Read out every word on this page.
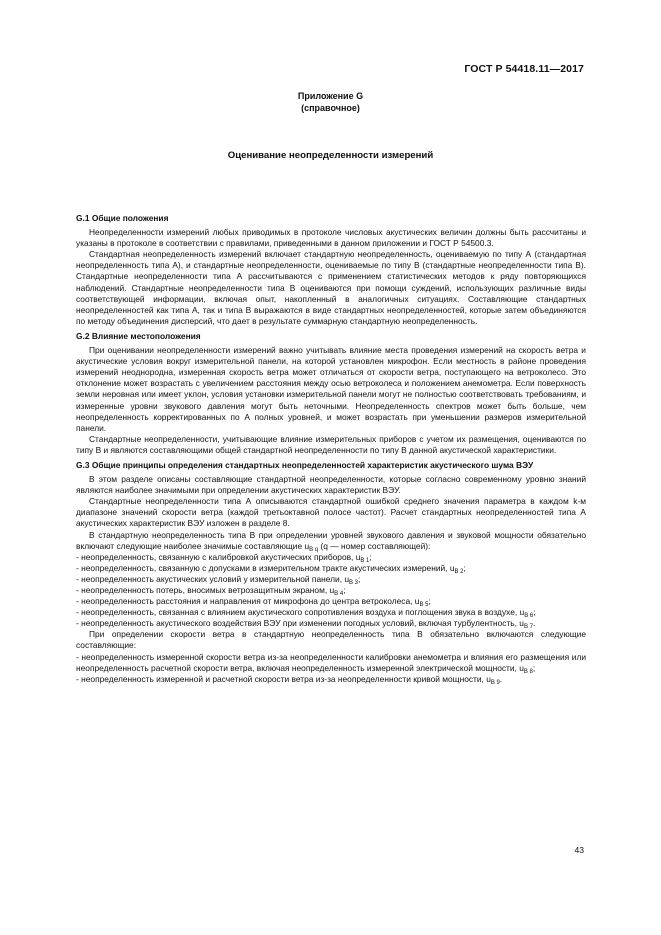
ГОСТ Р 54418.11—2017
Приложение G
(справочное)
Оценивание неопределенности измерений
G.1 Общие положения

Неопределенности измерений любых приводимых в протоколе числовых акустических величин должны быть рассчитаны и указаны в протоколе в соответствии с правилами, приведенными в данном приложении и ГОСТ Р 54500.3.

Стандартная неопределенность измерений включает стандартную неопределенность, оцениваемую по типу А (стандартная неопределенность типа А), и стандартные неопределенности, оцениваемые по типу В (стандартные неопределенности типа В). Стандартные неопределенности типа А рассчитываются с применением статистических методов к ряду повторяющихся наблюдений. Стандартные неопределенности типа В оцениваются при помощи суждений, использующих различные виды соответствующей информации, включая опыт, накопленный в аналогичных ситуациях. Составляющие стандартных неопределенностей как типа А, так и типа В выражаются в виде стандартных неопределенностей, которые затем объединяются по методу объединения дисперсий, что дает в результате суммарную стандартную неопределенность.

G.2 Влияние местоположения

При оценивании неопределенности измерений важно учитывать влияние места проведения измерений на скорость ветра и акустические условия вокруг измерительной панели, на которой установлен микрофон. Если местность в районе проведения измерений неоднородна, измеренная скорость ветра может отличаться от скорости ветра, поступающего на ветроколесо. Это отклонение может возрастать с увеличением расстояния между осью ветроколеса и положением анемометра. Если поверхность земли неровная или имеет уклон, условия установки измерительной панели могут не полностью соответствовать требованиям, и измеренные уровни звукового давления могут быть неточными. Неопределенность спектров может быть больше, чем неопределенность корректированных по А полных уровней, и может возрастать при уменьшении размеров измерительной панели.

Стандартные неопределенности, учитывающие влияние измерительных приборов с учетом их размещения, оцениваются по типу В и являются составляющими общей стандартной неопределенности по типу В данной акустической характеристики.

G.3 Общие принципы определения стандартных неопределенностей характеристик акустического шума ВЭУ

В этом разделе описаны составляющие стандартной неопределенности, которые согласно современному уровню знаний являются наиболее значимыми при определении акустических характеристик ВЭУ.

Стандартные неопределенности типа А описываются стандартной ошибкой среднего значения параметра в каждом k-м диапазоне значений скорости ветра (каждой третьоктавной полосе частот). Расчет стандартных неопределенностей типа А акустических характеристик ВЭУ изложен в разделе 8.

В стандартную неопределенность типа В при определении уровней звукового давления и звуковой мощности обязательно включают следующие наиболее значимые составляющие $u_{B q}$ (q — номер составляющей):

- неопределенность, связанную с калибровкой акустических приборов, $u_{B 1}$;

- неопределенность, связанную с допусками в измерительном тракте акустических измерений, $u_{B 2}$;

- неопределенность акустических условий у измерительной панели, $u_{B 3}$;

- неопределенность потерь, вносимых ветрозащитным экраном, $u_{B 4}$;

- неопределенность расстояния и направления от микрофона до центра ветроколеса, $u_{B 5}$;

- неопределенность, связанная с влиянием акустического сопротивления воздуха и поглощения звука в воздухе, $u_{B 6}$;

- неопределенность акустического воздействия ВЭУ при изменении погодных условий, включая турбулентность, $u_{B 7}$.

При определении скорости ветра в стандартную неопределенность типа В обязательно включаются следующие составляющие:

- неопределенность измеренной скорости ветра из-за неопределенности калибровки анемометра и влияния его размещения или неопределенность расчетной скорости ветра, включая неопределенность измеренной электрической мощности, $u_{B 8}$;

- неопределенность измеренной и расчетной скорости ветра из-за неопределенности кривой мощности, $u_{B 9}$.

43
